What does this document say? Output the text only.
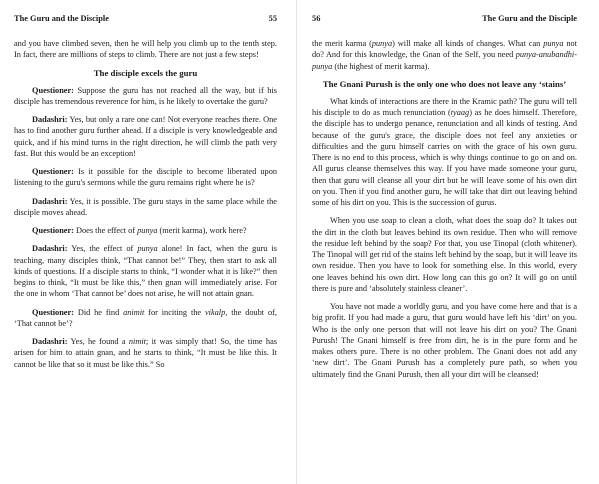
The Guru and the Disciple	55

and you have climbed seven, then he will help you climb up to the tenth step. In fact, there are millions of steps to climb. There are not just a few steps!

The disciple excels the guru

Questioner: Suppose the guru has not reached all the way, but if his disciple has tremendous reverence for him, is he likely to overtake the guru?

Dadashri: Yes, but only a rare one can! Not everyone reaches there. One has to find another guru further ahead. If a disciple is very knowledgeable and quick, and if his mind turns in the right direction, he will climb the path very fast. But this would be an exception!

Questioner: Is it possible for the disciple to become liberated upon listening to the guru's sermons while the guru remains right where he is?

Dadashri: Yes, it is possible. The guru stays in the same place while the disciple moves ahead.

Questioner: Does the effect of punya (merit karma), work here?

Dadashri: Yes, the effect of punya alone! In fact, when the guru is teaching, many disciples think, “That cannot be!” They, then start to ask all kinds of questions. If a disciple starts to think, “I wonder what it is like?” then begins to think, “It must be like this,” then gnan will immediately arise. For the one in whom ‘That cannot be’ does not arise, he will not attain gnan.

Questioner: Did he find animit for inciting the vikalp, the doubt of, ‘That cannot be’?

Dadashri: Yes, he found a nimit; it was simply that! So, the time has arisen for him to attain gnan, and he starts to think, “It must be like this. It cannot be like that so it must be like this.” So

56	The Guru and the Disciple

the merit karma (punya) will make all kinds of changes. What can punya not do? And for this knowledge, the Gnan of the Self, you need punya-anubandhi-punya (the highest of merit karma).

The Gnani Purush is the only one who does not leave any ‘stains’

What kinds of interactions are there in the Kramic path? The guru will tell his disciple to do as much renunciation (tyaag) as he does himself. Therefore, the disciple has to undergo penance, renunciation and all kinds of testing. And because of the guru's grace, the disciple does not feel any anxieties or difficulties and the guru himself carries on with the grace of his own guru. There is no end to this process, which is why things continue to go on and on. All gurus cleanse themselves this way. If you have made someone your guru, then that guru will cleanse all your dirt but he will leave some of his own dirt on you. Then if you find another guru, he will take that dirt out leaving behind some of his dirt on you. This is the succession of gurus.

When you use soap to clean a cloth, what does the soap do? It takes out the dirt in the cloth but leaves behind its own residue. Then who will remove the residue left behind by the soap? For that, you use Tinopal (cloth whitener). The Tinopal will get rid of the stains left behind by the soap, but it will leave its own residue. Then you have to look for something else. In this world, every one leaves behind his own dirt. How long can this go on? It will go on until there is pure and ‘absolutely stainless cleaner’.

You have not made a worldly guru, and you have come here and that is a big profit. If you had made a guru, that guru would have left his ‘dirt’ on you. Who is the only one person that will not leave his dirt on you? The Gnani Purush! The Gnani himself is free from dirt, he is in the pure form and he makes others pure. There is no other problem. The Gnani does not add any ‘new dirt’. The Gnani Purush has a completely pure path, so when you ultimately find the Gnani Purush, then all your dirt will be cleansed!
